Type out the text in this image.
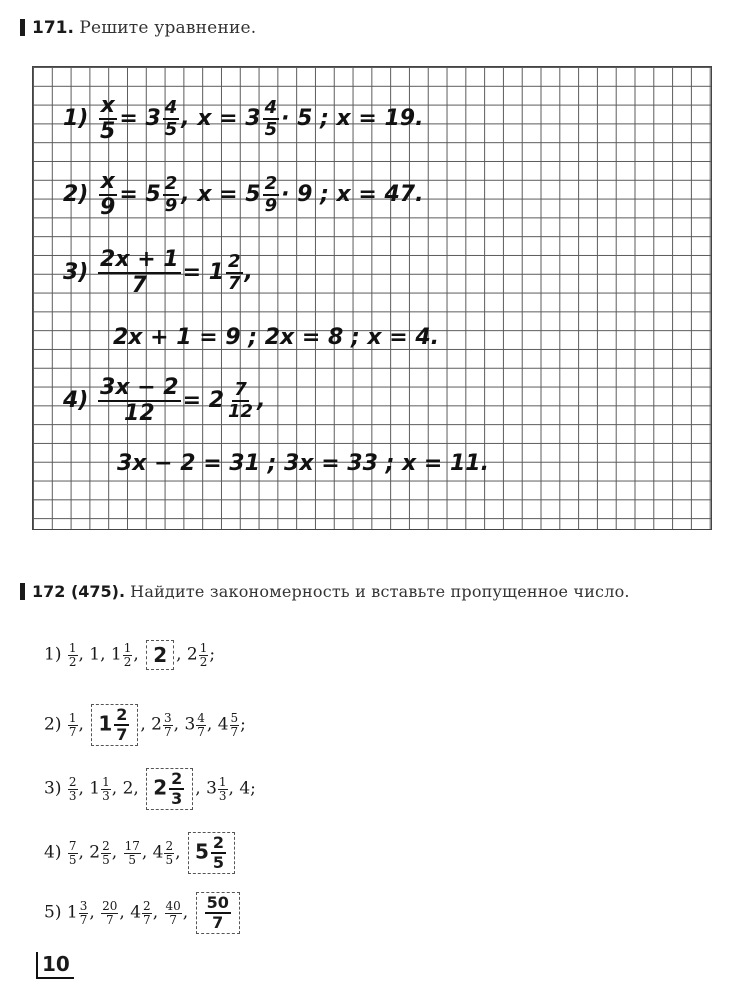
171. Решите уравнение.
$1) \frac{x}{5} = 3 \frac{4}{5}$ , $x = 3 \frac{4}{5} \cdot 5$ ; x = 19.
$2) \frac{x}{9} = 5 \frac{2}{9}$ , $x = 5 \frac{2}{9} \cdot 9$ ; x = 47.
$3) \frac{2x + 1}{7} = 1 \frac{2}{7}$ ,
2x + 1 = 9 ; 2x = 8 ; x = 4.
$4) \frac{3x - 2}{12} = 2 \frac{7}{12}$ ,
3x − 2 = 31 ; 3x = 33 ; x = 11.
172 (475). Найдите закономерность и вставьте пропущенное число.
$1) \frac{1}{2}$ , 1, $1 \frac{1}{2}$ , 2 , $2 \frac{1}{2}$ ;
$2) \frac{1}{7}$ , $1 \frac{2}{7}$ , $2 \frac{3}{7}$ , $3 \frac{4}{7}$ , $4 \frac{5}{7}$ ;
$3) \frac{2}{3}$ , $1 \frac{1}{3}$ , 2, $2 \frac{2}{3}$ , $3 \frac{1}{3}$ , 4;
$4) \frac{7}{5}$ , $2 \frac{2}{5}$ , $\frac{17}{5}$ , $4 \frac{2}{5}$ , $5 \frac{2}{5}$
5) $1 \frac{3}{7}$ , $\frac{20}{7}$ , $4 \frac{2}{7}$ , $\frac{40}{7}$ , $\frac{50}{7}$
10
